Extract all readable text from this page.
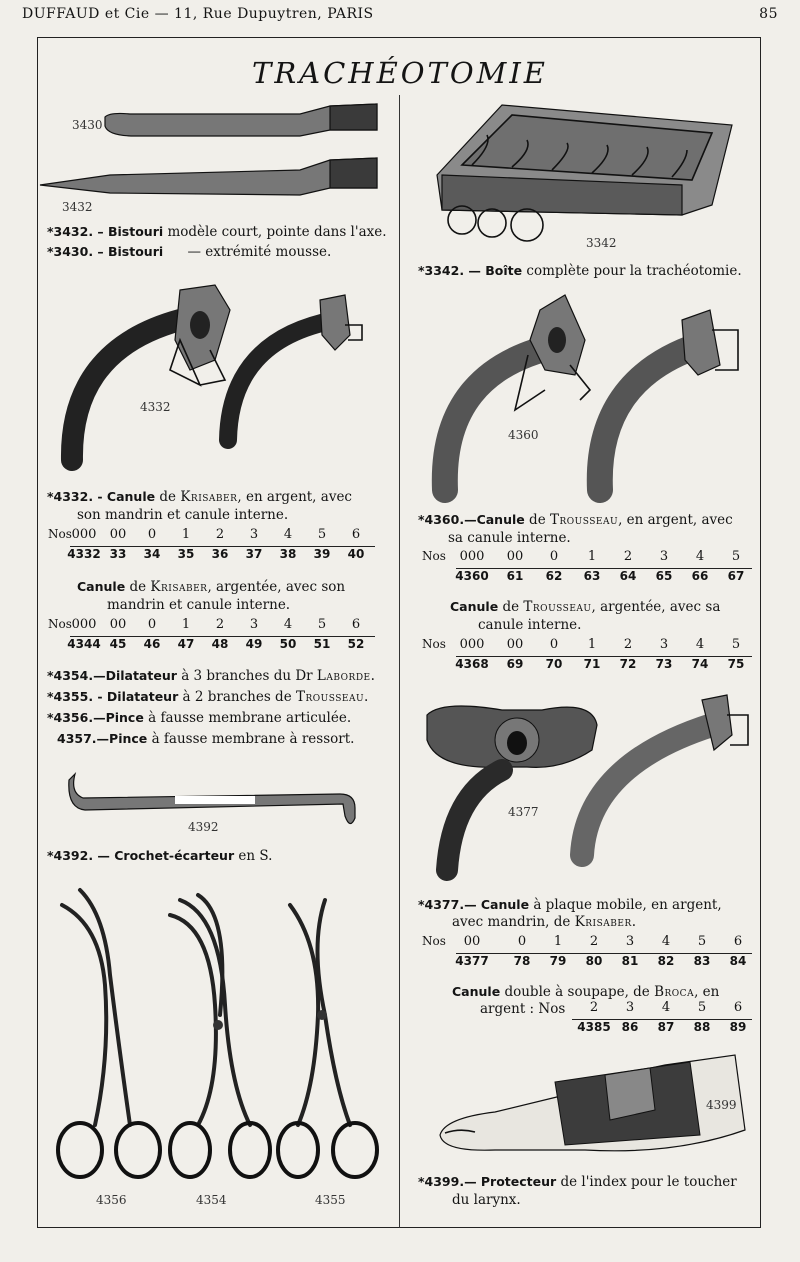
DUFFAUD et Cie — 11, Rue Dupuytren, PARIS	85
TRACHÉOTOMIE
3430
3432
*3432. – Bistouri modèle court, pointe dans l'axe.
*3430. – Bistouri — extrémité mousse.
4332
*4332. - Canule de Krisaber, en argent, avec
son mandrin et canule interne.
Nos 000	00	0	1	2	3	4	5	6
4332 33	34	35	36	37	38	39	40
Canule de Krisaber, argentée, avec son
mandrin et canule interne.
Nos 000	00	0	1	2	3	4	5	6
4344 45	46	47	48	49	50	51	52
*4354.—Dilatateur à 3 branches du Dr Laborde.
*4355. - Dilatateur à 2 branches de Trousseau.
*4356.—Pince à fausse membrane articulée.
4357.—Pince à fausse membrane à ressort.
4392
*4392. — Crochet-écarteur en S.
4356	4354	4355
3342
*3342. — Boîte complète pour la trachéotomie.
4360
*4360.—Canule de Trousseau, en argent, avec
sa canule interne.
Nos	000	00	0	1	2	3	4	5
4360	61	62	63	64	65	66	67
Canule de Trousseau, argentée, avec sa
canule interne.
Nos	000	00	0	1	2	3	4	5
4368	69	70	71	72	73	74	75
4377
*4377.— Canule à plaque mobile, en argent,
avec mandrin, de Krisaber.
Nos	00	0	1	2	3	4	5	6
4377	78	79	80	81	82	83	84
Canule double à soupape, de Broca, en
argent : Nos	2	3	4	5	6
4385 86	87	88	89
4399
*4399.— Protecteur de l'index pour le toucher
du larynx.
